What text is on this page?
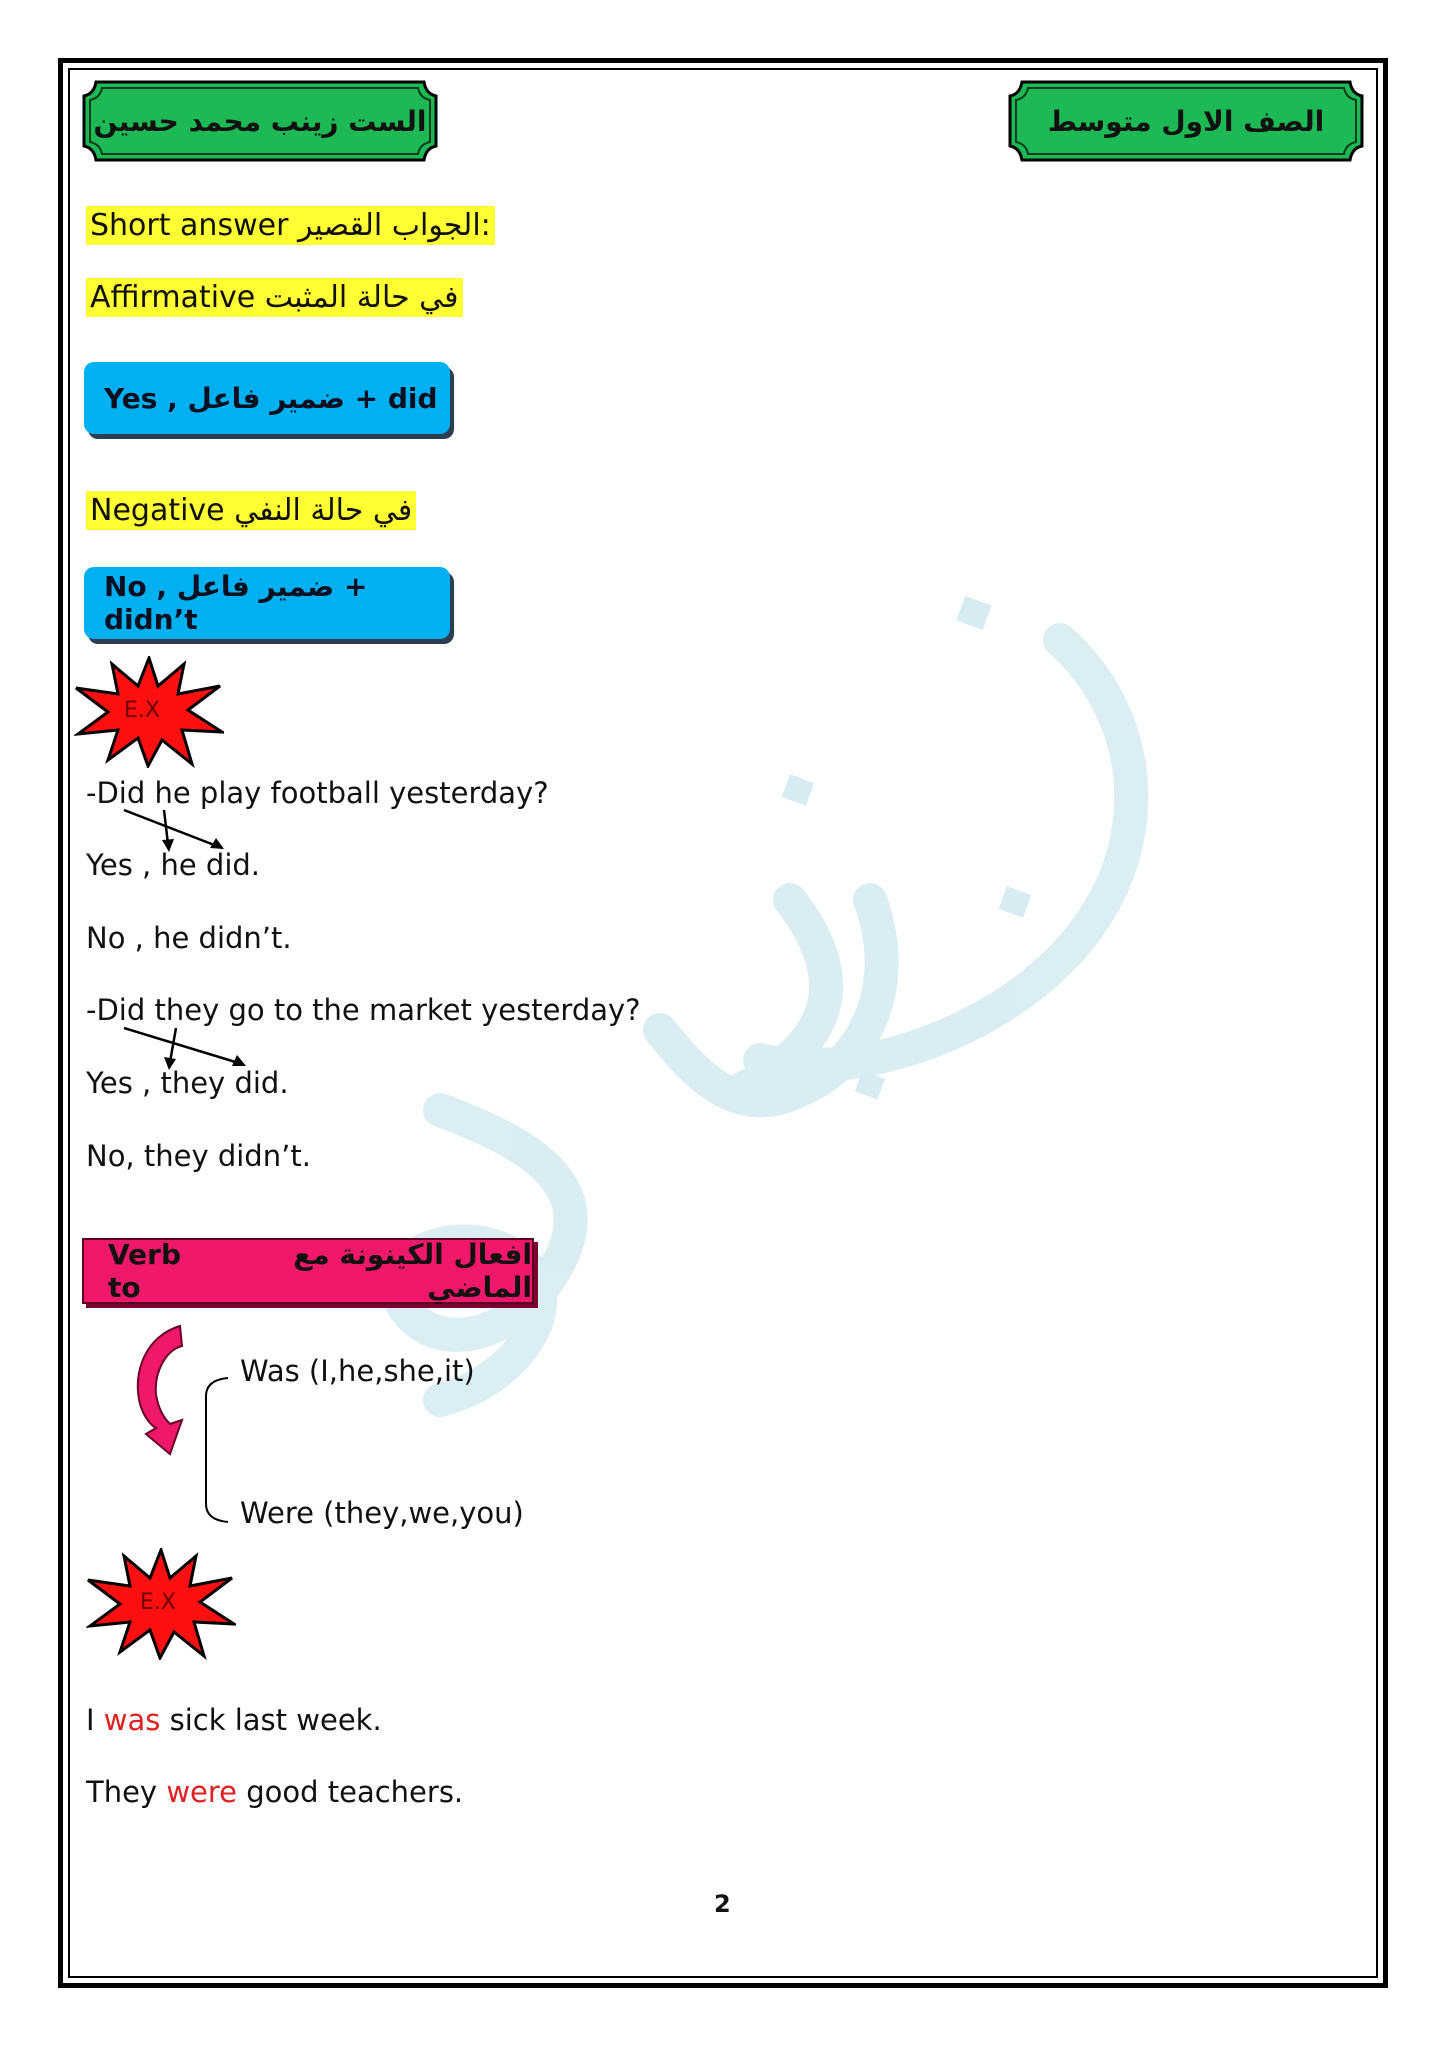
الست زينب محمد حسين	الصف الاول متوسط
Short answer الجواب القصير:
Affirmative في حالة المثبت
Yes , ضمير فاعل + did
Negative في حالة النفي
No , ضمير فاعل + didn’t
E.X
-Did he play football yesterday?
Yes , he did.
No , he didn’t.
-Did they go to the market yesterday?
Yes , they did.
No, they didn’t.
Verb to
افعال الكينونة مع الماضي
Was (I,he,she,it)
Were (they,we,you)
E.X
I was sick last week.
They were good teachers.
2
